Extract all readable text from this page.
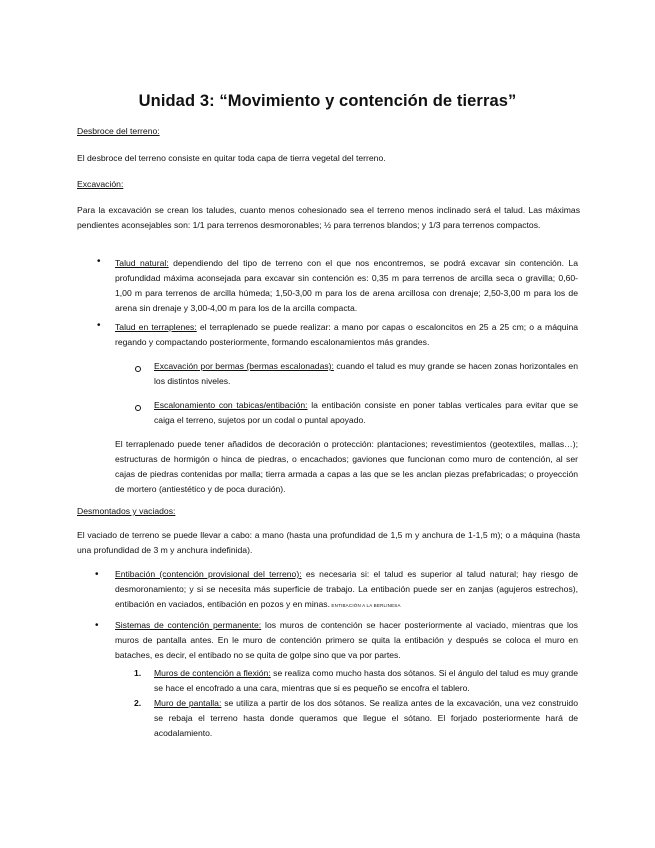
Unidad 3: “Movimiento y contención de tierras”
Desbroce del terreno:
El desbroce del terreno consiste en quitar toda capa de tierra vegetal del terreno.
Excavación:
Para la excavación se crean los taludes, cuanto menos cohesionado sea el terreno menos inclinado será el talud. Las máximas pendientes aconsejables son: 1/1 para terrenos desmoronables; ½ para terrenos blandos; y 1/3 para terrenos compactos.
• Talud natural: dependiendo del tipo de terreno con el que nos encontremos, se podrá excavar sin contención. La profundidad máxima aconsejada para excavar sin contención es: 0,35 m para terrenos de arcilla seca o gravilla; 0,60-1,00 m para terrenos de arcilla húmeda; 1,50-3,00 m para los de arena arcillosa con drenaje; 2,50-3,00 m para los de arena sin drenaje y 3,00-4,00 m para los de la arcilla compacta.
• Talud en terraplenes: el terraplenado se puede realizar: a mano por capas o escaloncitos en 25 a 25 cm; o a máquina regando y compactando posteriormente, formando escalonamientos más grandes.
Excavación por bermas (bermas escalonadas): cuando el talud es muy grande se hacen zonas horizontales en los distintos niveles.
Escalonamiento con tabicas/entibación: la entibación consiste en poner tablas verticales para evitar que se caiga el terreno, sujetos por un codal o puntal apoyado.
El terraplenado puede tener añadidos de decoración o protección: plantaciones; revestimientos (geotextiles, mallas…); estructuras de hormigón o hinca de piedras, o encachados; gaviones que funcionan como muro de contención, al ser cajas de piedras contenidas por malla; tierra armada a capas a las que se les anclan piezas prefabricadas; o proyección de mortero (antiestético y de poca duración).
Desmontados y vaciados:
El vaciado de terreno se puede llevar a cabo: a mano (hasta una profundidad de 1,5 m y anchura de 1-1,5 m); o a máquina (hasta una profundidad de 3 m y anchura indefinida).
• Entibación (contención provisional del terreno): es necesaria si: el talud es superior al talud natural; hay riesgo de desmoronamiento; y si se necesita más superficie de trabajo. La entibación puede ser en zanjas (agujeros estrechos), entibación en vaciados, entibación en pozos y en minas. ENTIBACIÓN A LA BERLINESA
• Sistemas de contención permanente: los muros de contención se hacer posteriormente al vaciado, mientras que los muros de pantalla antes. En le muro de contención primero se quita la entibación y después se coloca el muro en bataches, es decir, el entibado no se quita de golpe sino que va por partes.
1. Muros de contención a flexión: se realiza como mucho hasta dos sótanos. Si el ángulo del talud es muy grande se hace el encofrado a una cara, mientras que si es pequeño se encofra el tablero.
2. Muro de pantalla: se utiliza a partir de los dos sótanos. Se realiza antes de la excavación, una vez construido se rebaja el terreno hasta donde queramos que llegue el sótano. El forjado posteriormente hará de acodalamiento.
